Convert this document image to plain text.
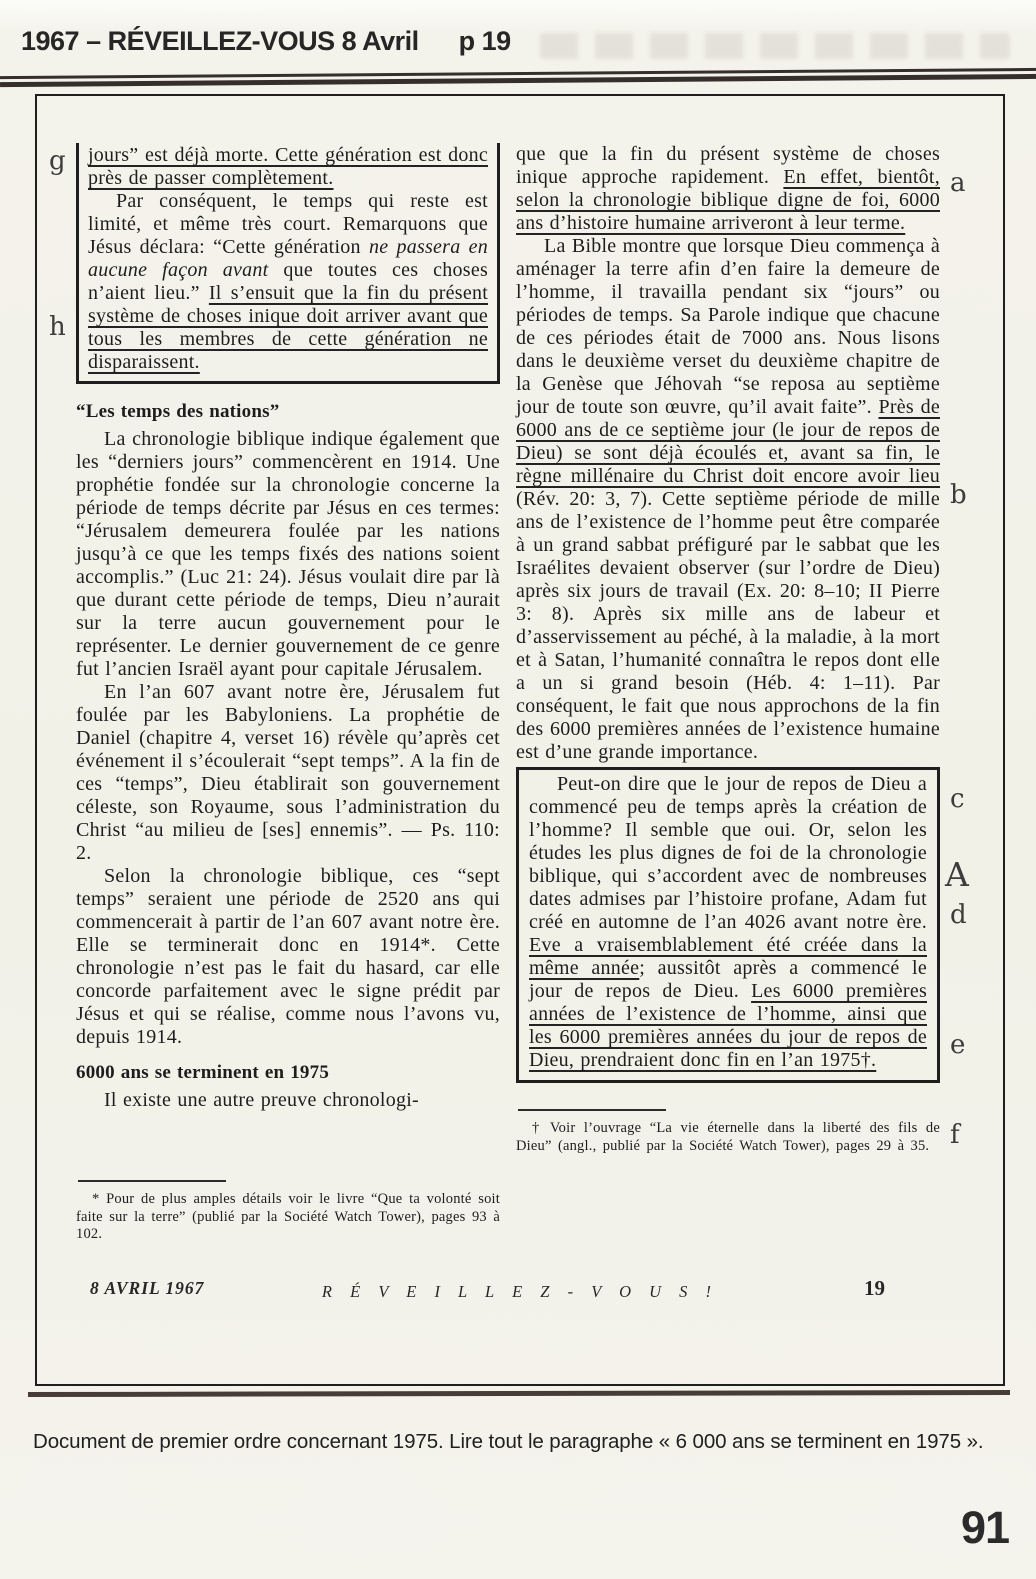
1967 – RÉVEILLEZ-VOUS 8 Avril p 19
g
h
a
b
c
A
d
e
f

jours” est déjà morte. Cette génération est donc près de passer complètement.

Par conséquent, le temps qui reste est limité, et même très court. Remarquons que Jésus déclara: “Cette génération ne passera en aucune façon avant que toutes ces choses n’aient lieu.” Il s’ensuit que la fin du présent système de choses inique doit arriver avant que tous les membres de cette génération ne disparaissent.

“Les temps des nations”

La chronologie biblique indique également que les “derniers jours” commencèrent en 1914. Une prophétie fondée sur la chronologie concerne la période de temps décrite par Jésus en ces termes: “Jérusalem demeurera foulée par les nations jusqu’à ce que les temps fixés des nations soient accomplis.” (Luc 21: 24). Jésus voulait dire par là que durant cette période de temps, Dieu n’aurait sur la terre aucun gouvernement pour le représenter. Le dernier gouvernement de ce genre fut l’ancien Israël ayant pour capitale Jérusalem.

En l’an 607 avant notre ère, Jérusalem fut foulée par les Babyloniens. La prophétie de Daniel (chapitre 4, verset 16) révèle qu’après cet événement il s’écoulerait “sept temps”. A la fin de ces “temps”, Dieu établirait son gouvernement céleste, son Royaume, sous l’administration du Christ “au milieu de [ses] ennemis”. — Ps. 110: 2.

Selon la chronologie biblique, ces “sept temps” seraient une période de 2520 ans qui commencerait à partir de l’an 607 avant notre ère. Elle se terminerait donc en 1914*. Cette chronologie n’est pas le fait du hasard, car elle concorde parfaitement avec le signe prédit par Jésus et qui se réalise, comme nous l’avons vu, depuis 1914.

6000 ans se terminent en 1975

Il existe une autre preuve chronologi-

* Pour de plus amples détails voir le livre “Que ta volonté soit faite sur la terre” (publié par la Société Watch Tower), pages 93 à 102.

que que la fin du présent système de choses inique approche rapidement. En effet, bientôt, selon la chronologie biblique digne de foi, 6000 ans d’histoire humaine arriveront à leur terme.

La Bible montre que lorsque Dieu commença à aménager la terre afin d’en faire la demeure de l’homme, il travailla pendant six “jours” ou périodes de temps. Sa Parole indique que chacune de ces périodes était de 7000 ans. Nous lisons dans le deuxième verset du deuxième chapitre de la Genèse que Jéhovah “se reposa au septième jour de toute son œuvre, qu’il avait faite”. Près de 6000 ans de ce septième jour (le jour de repos de Dieu) se sont déjà écoulés et, avant sa fin, le règne millénaire du Christ doit encore avoir lieu (Rév. 20: 3, 7). Cette septième période de mille ans de l’existence de l’homme peut être comparée à un grand sabbat préfiguré par le sabbat que les Israélites devaient observer (sur l’ordre de Dieu) après six jours de travail (Ex. 20: 8–10; II Pierre 3: 8). Après six mille ans de labeur et d’asservissement au péché, à la maladie, à la mort et à Satan, l’humanité connaîtra le repos dont elle a un si grand besoin (Héb. 4: 1–11). Par conséquent, le fait que nous approchons de la fin des 6000 premières années de l’existence humaine est d’une grande importance.

Peut-on dire que le jour de repos de Dieu a commencé peu de temps après la création de l’homme? Il semble que oui. Or, selon les études les plus dignes de foi de la chronologie biblique, qui s’accordent avec de nombreuses dates admises par l’histoire profane, Adam fut créé en automne de l’an 4026 avant notre ère. Eve a vraisemblablement été créée dans la même année; aussitôt après a commencé le jour de repos de Dieu. Les 6000 premières années de l’existence de l’homme, ainsi que les 6000 premières années du jour de repos de Dieu, prendraient donc fin en l’an 1975†.

† Voir l’ouvrage “La vie éternelle dans la liberté des fils de Dieu” (angl., publié par la Société Watch Tower), pages 29 à 35.

8 AVRIL 1967	R É V E I L L E Z - V O U S !	19

Document de premier ordre concernant 1975. Lire tout le paragraphe « 6 000 ans se terminent en 1975 ».

91
